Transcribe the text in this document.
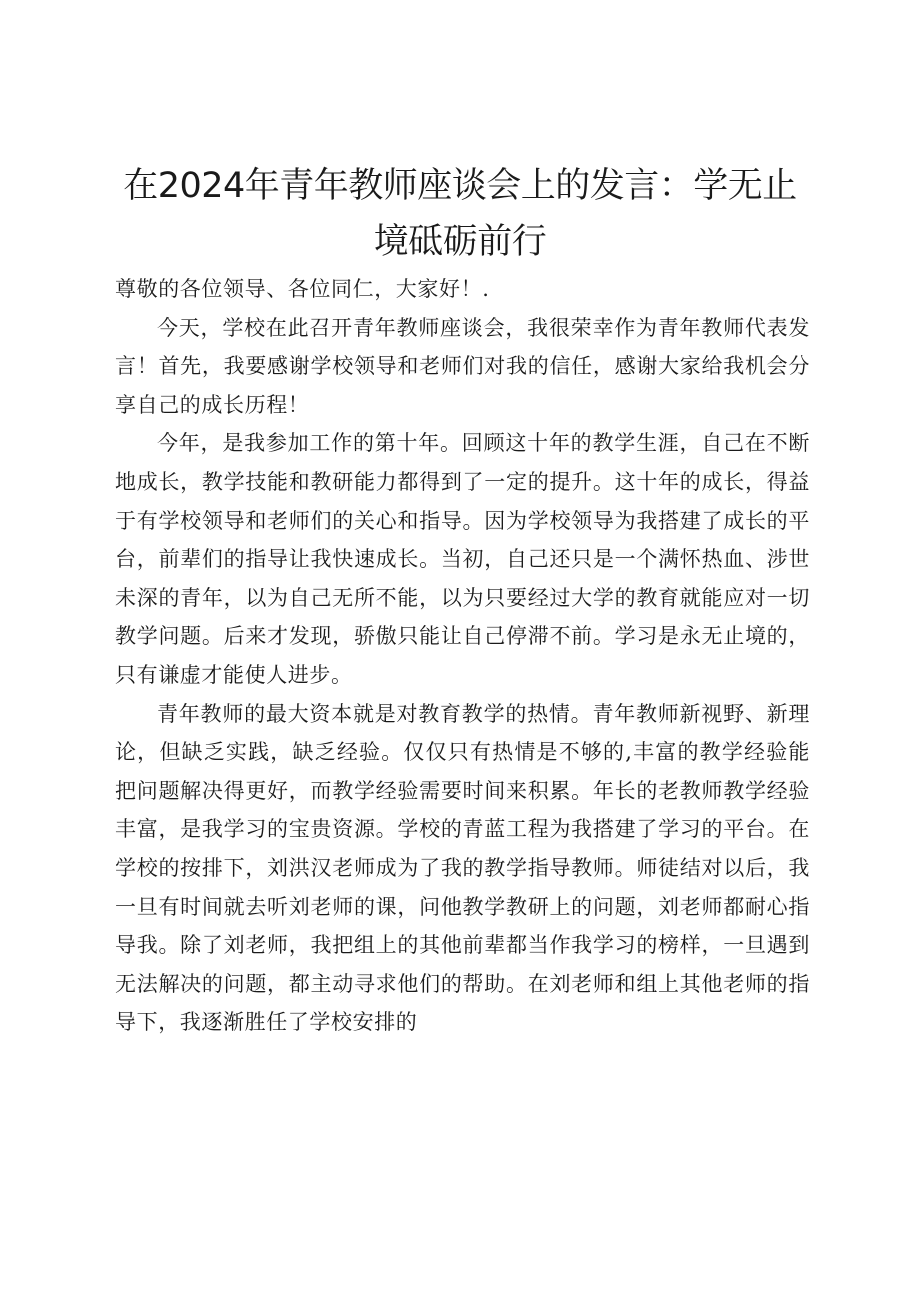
在2024年青年教师座谈会上的发言：学无止
境砥砺前行

尊敬的各位领导、各位同仁，大家好！.

今天，学校在此召开青年教师座谈会，我很荣幸作为青年教师代表发言！首先，我要感谢学校领导和老师们对我的信任，感谢大家给我机会分享自己的成长历程！

今年，是我参加工作的第十年。回顾这十年的教学生涯，自己在不断地成长，教学技能和教研能力都得到了一定的提升。这十年的成长，得益于有学校领导和老师们的关心和指导。因为学校领导为我搭建了成长的平台，前辈们的指导让我快速成长。当初，自己还只是一个满怀热血、涉世未深的青年，以为自己无所不能，以为只要经过大学的教育就能应对一切教学问题。后来才发现，骄傲只能让自己停滞不前。学习是永无止境的，只有谦虚才能使人进步。

青年教师的最大资本就是对教育教学的热情。青年教师新视野、新理论，但缺乏实践，缺乏经验。仅仅只有热情是不够的,丰富的教学经验能把问题解决得更好，而教学经验需要时间来积累。年长的老教师教学经验丰富，是我学习的宝贵资源。学校的青蓝工程为我搭建了学习的平台。在学校的按排下，刘洪汉老师成为了我的教学指导教师。师徒结对以后，我一旦有时间就去听刘老师的课，问他教学教研上的问题，刘老师都耐心指导我。除了刘老师，我把组上的其他前辈都当作我学习的榜样，一旦遇到无法解决的问题，都主动寻求他们的帮助。在刘老师和组上其他老师的指导下，我逐渐胜任了学校安排的
